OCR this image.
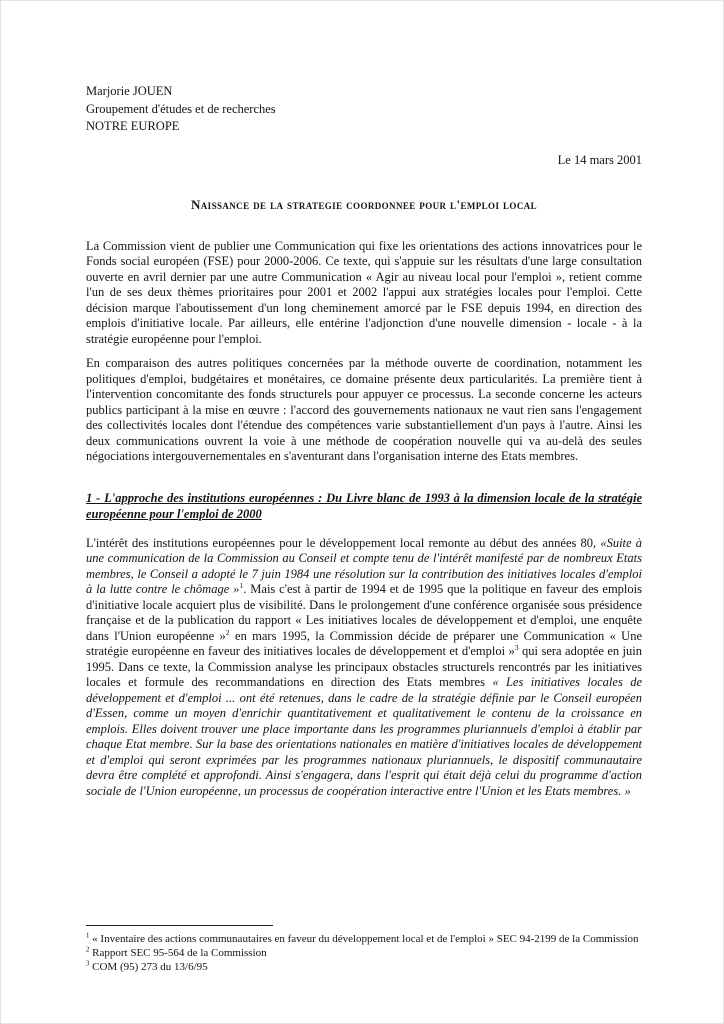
Marjorie JOUEN
Groupement d'études et de recherches
NOTRE EUROPE
Le 14 mars 2001
Naissance de la strategie coordonnee pour l'emploi local

La Commission vient de publier une Communication qui fixe les orientations des actions innovatrices pour le Fonds social européen (FSE) pour 2000-2006. Ce texte, qui s'appuie sur les résultats d'une large consultation ouverte en avril dernier par une autre Communication « Agir au niveau local pour l'emploi », retient comme l'un de ses deux thèmes prioritaires pour 2001 et 2002 l'appui aux stratégies locales pour l'emploi. Cette décision marque l'aboutissement d'un long cheminement amorcé par le FSE depuis 1994, en direction des emplois d'initiative locale. Par ailleurs, elle entérine l'adjonction d'une nouvelle dimension - locale - à la stratégie européenne pour l'emploi.

En comparaison des autres politiques concernées par la méthode ouverte de coordination, notamment les politiques d'emploi, budgétaires et monétaires, ce domaine présente deux particularités. La première tient à l'intervention concomitante des fonds structurels pour appuyer ce processus. La seconde concerne les acteurs publics participant à la mise en œuvre : l'accord des gouvernements nationaux ne vaut rien sans l'engagement des collectivités locales dont l'étendue des compétences varie substantiellement d'un pays à l'autre. Ainsi les deux communications ouvrent la voie à une méthode de coopération nouvelle qui va au-delà des seules négociations intergouvernementales en s'aventurant dans l'organisation interne des Etats membres.

1 - L'approche des institutions européennes : Du Livre blanc de 1993 à la dimension locale de la stratégie européenne pour l'emploi de 2000

L'intérêt des institutions européennes pour le développement local remonte au début des années 80, «Suite à une communication de la Commission au Conseil et compte tenu de l'intérêt manifesté par de nombreux Etats membres, le Conseil a adopté le 7 juin 1984 une résolution sur la contribution des initiatives locales d'emploi à la lutte contre le chômage »$^1$. Mais c'est à partir de 1994 et de 1995 que la politique en faveur des emplois d'initiative locale acquiert plus de visibilité. Dans le prolongement d'une conférence organisée sous présidence française et de la publication du rapport « Les initiatives locales de développement et d'emploi, une enquête dans l'Union européenne »$^2$ en mars 1995, la Commission décide de préparer une Communication « Une stratégie européenne en faveur des initiatives locales de développement et d'emploi »$^3$ qui sera adoptée en juin 1995. Dans ce texte, la Commission analyse les principaux obstacles structurels rencontrés par les initiatives locales et formule des recommandations en direction des Etats membres « Les initiatives locales de développement et d'emploi ... ont été retenues, dans le cadre de la stratégie définie par le Conseil européen d'Essen, comme un moyen d'enrichir quantitativement et qualitativement le contenu de la croissance en emplois. Elles doivent trouver une place importante dans les programmes pluriannuels d'emploi à établir par chaque Etat membre. Sur la base des orientations nationales en matière d'initiatives locales de développement et d'emploi qui seront exprimées par les programmes nationaux pluriannuels, le dispositif communautaire devra être complété et approfondi. Ainsi s'engagera, dans l'esprit qui était déjà celui du programme d'action sociale de l'Union européenne, un processus de coopération interactive entre l'Union et les Etats membres. »

$^1$ « Inventaire des actions communautaires en faveur du développement local et de l'emploi » SEC 94-2199 de la Commission
$^2$ Rapport SEC 95-564 de la Commission
$^3$ COM (95) 273 du 13/6/95
